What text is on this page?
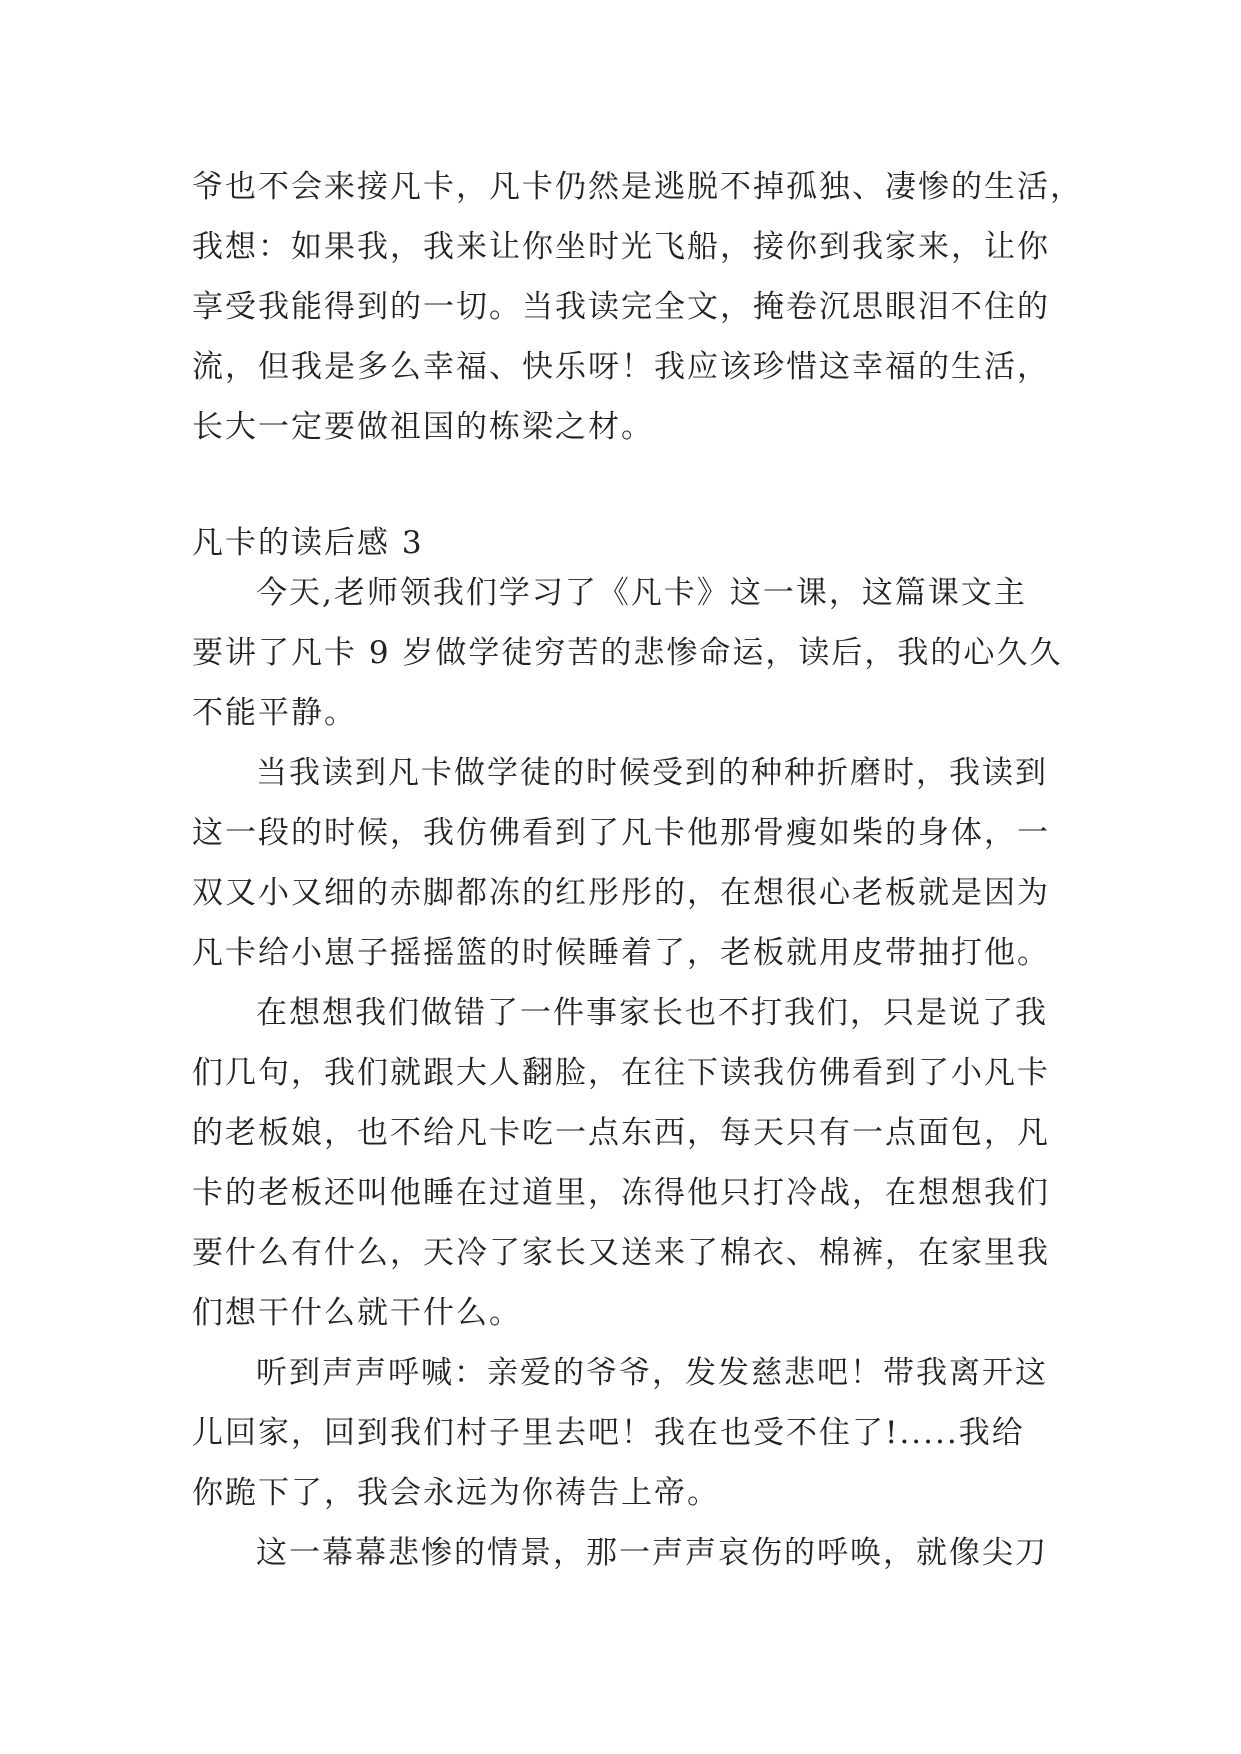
爷也不会来接凡卡，凡卡仍然是逃脱不掉孤独、凄惨的生活，
我想：如果我，我来让你坐时光飞船，接你到我家来，让你
享受我能得到的一切。当我读完全文，掩卷沉思眼泪不住的
流，但我是多么幸福、快乐呀！我应该珍惜这幸福的生活，
长大一定要做祖国的栋梁之材。
凡卡的读后感 3
今天,老师领我们学习了《凡卡》这一课，这篇课文主
要讲了凡卡 9 岁做学徒穷苦的悲惨命运，读后，我的心久久
不能平静。
当我读到凡卡做学徒的时候受到的种种折磨时，我读到
这一段的时候，我仿佛看到了凡卡他那骨瘦如柴的身体，一
双又小又细的赤脚都冻的红彤彤的，在想很心老板就是因为
凡卡给小崽子摇摇篮的时候睡着了，老板就用皮带抽打他。
在想想我们做错了一件事家长也不打我们，只是说了我
们几句，我们就跟大人翻脸，在往下读我仿佛看到了小凡卡
的老板娘，也不给凡卡吃一点东西，每天只有一点面包，凡
卡的老板还叫他睡在过道里，冻得他只打冷战，在想想我们
要什么有什么，天冷了家长又送来了棉衣、棉裤，在家里我
们想干什么就干什么。
听到声声呼喊：亲爱的爷爷，发发慈悲吧！带我离开这
儿回家，回到我们村子里去吧！我在也受不住了!.....我给
你跪下了，我会永远为你祷告上帝。
这一幕幕悲惨的情景，那一声声哀伤的呼唤，就像尖刀
